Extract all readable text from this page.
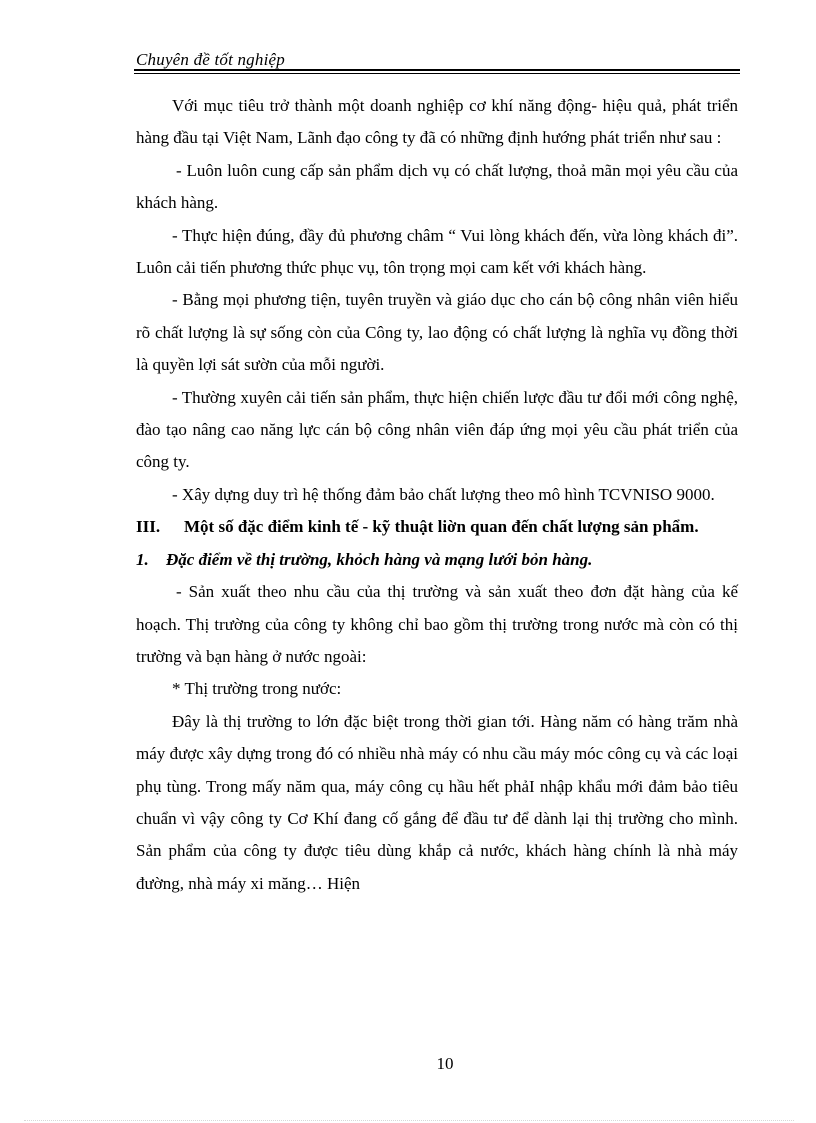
Chuyên đề tốt nghiệp

Với mục tiêu trở thành một doanh nghiệp cơ khí năng động- hiệu quả, phát triển hàng đầu tại Việt Nam, Lãnh đạo công ty đã có những định hướng phát triển như sau :

- Luôn luôn cung cấp sản phẩm dịch vụ có chất lượng, thoả mãn mọi yêu cầu của khách hàng.

- Thực hiện đúng, đầy đủ phương châm “ Vui lòng khách đến, vừa lòng khách đi”. Luôn cải tiến phương thức phục vụ, tôn trọng mọi cam kết với khách hàng.

- Bằng mọi phương tiện, tuyên truyền và giáo dục cho cán bộ công nhân viên hiểu rõ chất lượng là sự sống còn của Công ty, lao động có chất lượng là nghĩa vụ đồng thời là quyền lợi sát sườn của mỗi người.

- Thường xuyên cải tiến sản phẩm, thực hiện chiến lược đầu tư đổi mới công nghệ, đào tạo nâng cao năng lực cán bộ công nhân viên đáp ứng mọi yêu cầu phát triển của công ty.

- Xây dựng duy trì hệ thống đảm bảo chất lượng theo mô hình TCVNISO 9000.

III. Một số đặc điểm kinh tế - kỹ thuật liờn quan đến chất lượng sản phẩm.

1. Đặc điểm về thị trường, khỏch hàng và mạng lưới bỏn hàng.

- Sản xuất theo nhu cầu của thị trường và sản xuất theo đơn đặt hàng của kế hoạch. Thị trường của công ty không chỉ bao gồm thị trường trong nước mà còn có thị trường và bạn hàng ở nước ngoài:

* Thị trường trong nước:

Đây là thị trường to lớn đặc biệt trong thời gian tới. Hàng năm có hàng trăm nhà máy được xây dựng trong đó có nhiều nhà máy có nhu cầu máy móc công cụ và các loại phụ tùng. Trong mấy năm qua, máy công cụ hầu hết phảI nhập khẩu mới đảm bảo tiêu chuẩn vì vậy công ty Cơ Khí đang cố gắng để đầu tư để dành lại thị trường cho mình. Sản phẩm của công ty được tiêu dùng khắp cả nước, khách hàng chính là nhà máy đường, nhà máy xi măng… Hiện

10
